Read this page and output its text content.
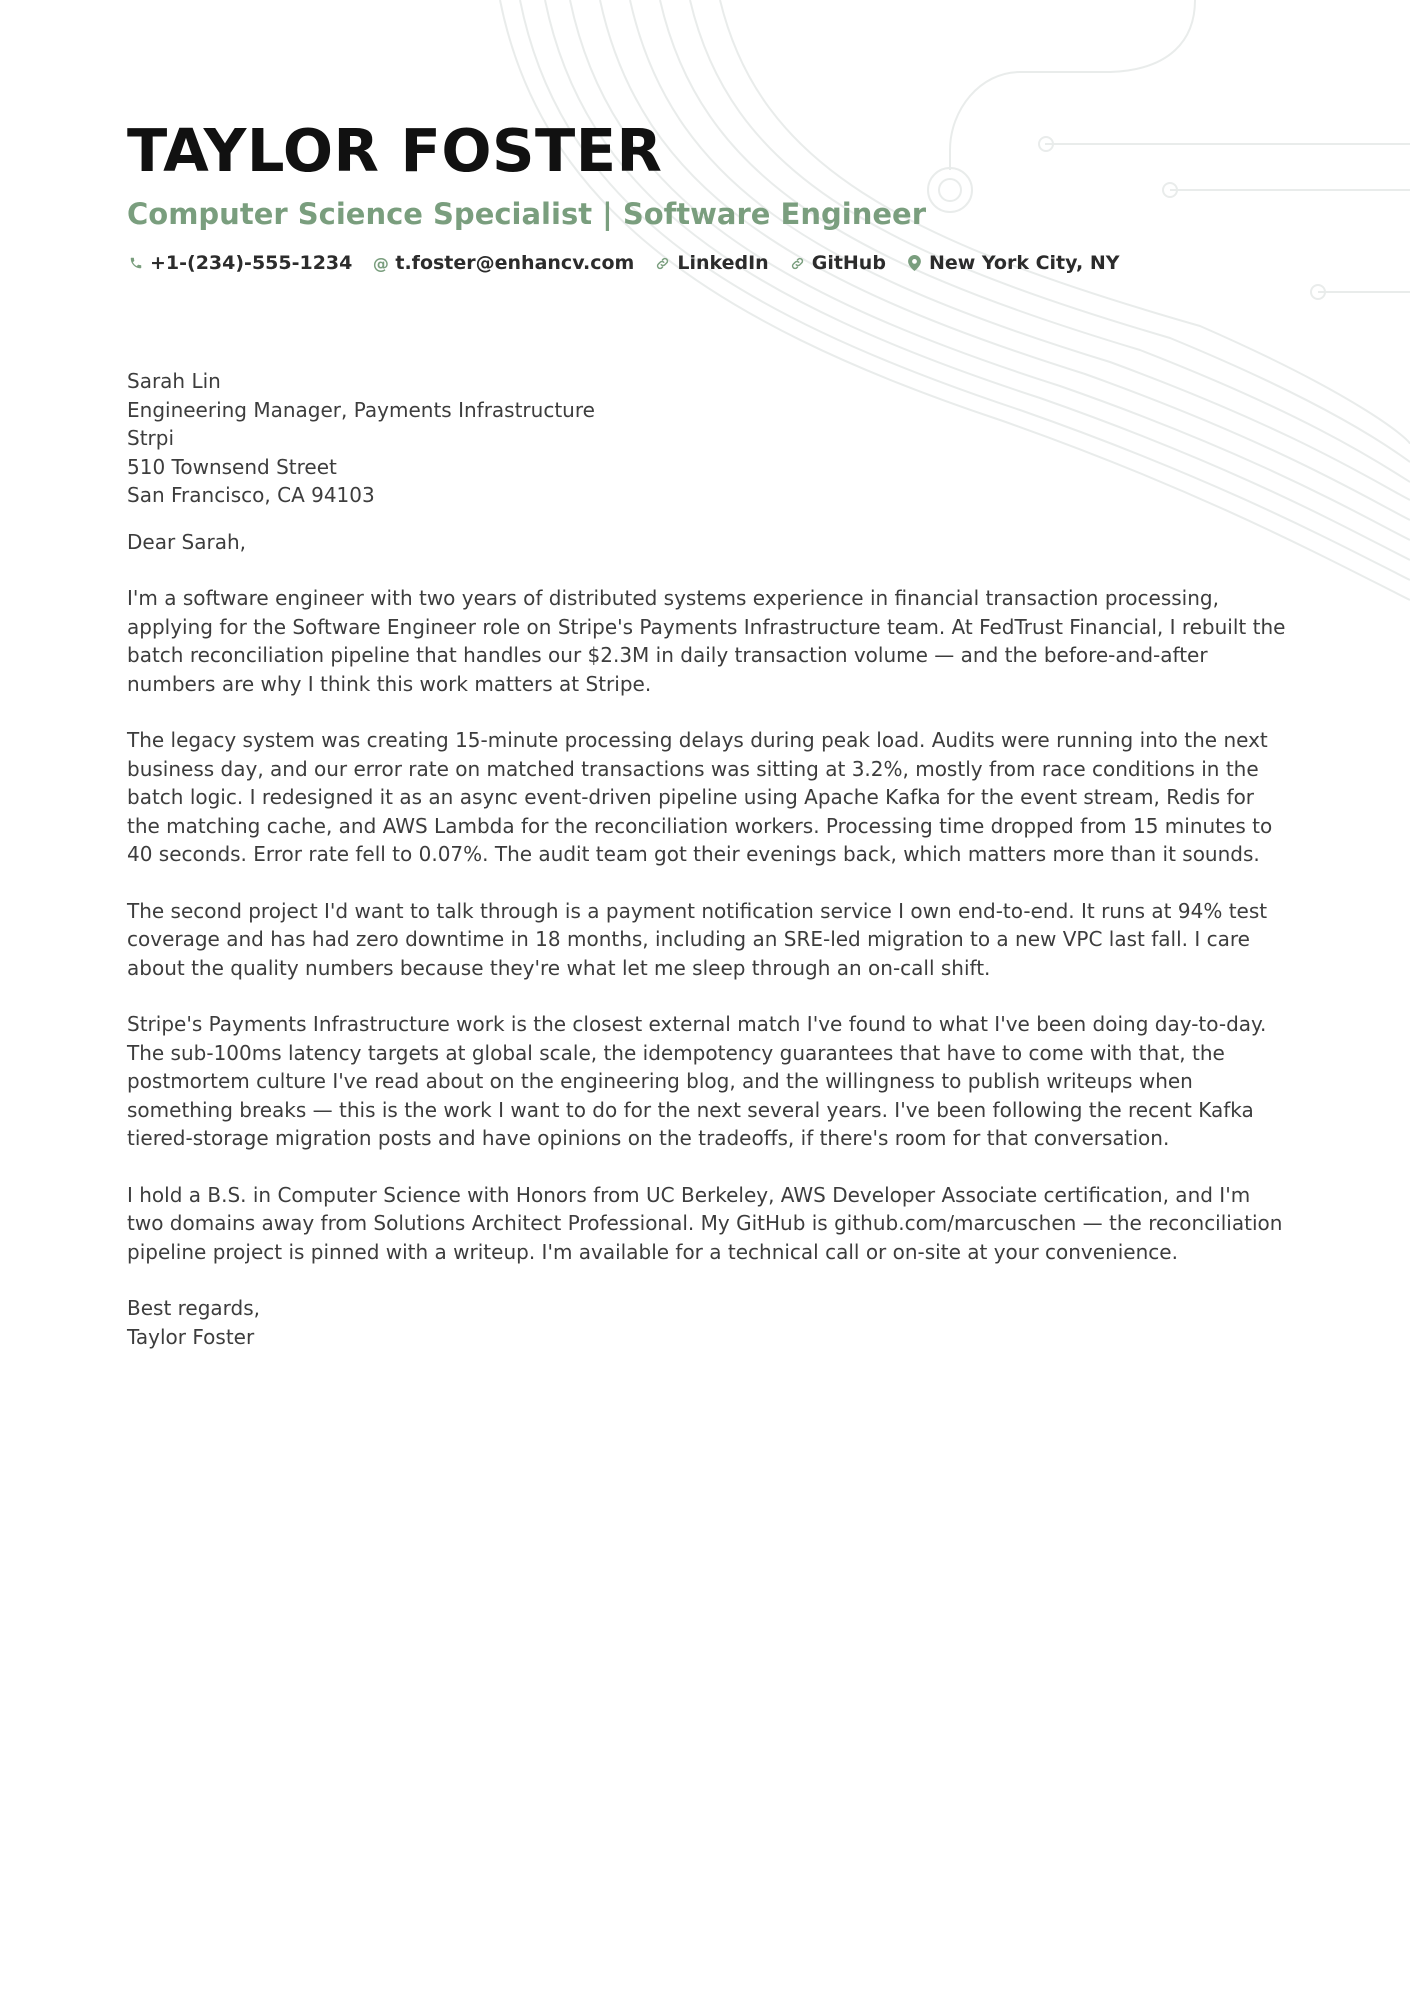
TAYLOR FOSTER
Computer Science Specialist | Software Engineer
+1-(234)-555-1234 @ t.foster@enhancv.com LinkedIn GitHub New York City, NY
Sarah Lin
Engineering Manager, Payments Infrastructure
Strpi
510 Townsend Street
San Francisco, CA 94103
Dear Sarah,

I'm a software engineer with two years of distributed systems experience in financial transaction processing, applying for the Software Engineer role on Stripe's Payments Infrastructure team. At FedTrust Financial, I rebuilt the batch reconciliation pipeline that handles our $2.3M in daily transaction volume — and the before-and-after numbers are why I think this work matters at Stripe.

The legacy system was creating 15-minute processing delays during peak load. Audits were running into the next business day, and our error rate on matched transactions was sitting at 3.2%, mostly from race conditions in the batch logic. I redesigned it as an async event-driven pipeline using Apache Kafka for the event stream, Redis for the matching cache, and AWS Lambda for the reconciliation workers. Processing time dropped from 15 minutes to 40 seconds. Error rate fell to 0.07%. The audit team got their evenings back, which matters more than it sounds.

The second project I'd want to talk through is a payment notification service I own end-to-end. It runs at 94% test coverage and has had zero downtime in 18 months, including an SRE-led migration to a new VPC last fall. I care about the quality numbers because they're what let me sleep through an on-call shift.

Stripe's Payments Infrastructure work is the closest external match I've found to what I've been doing day-to-day. The sub-100ms latency targets at global scale, the idempotency guarantees that have to come with that, the postmortem culture I've read about on the engineering blog, and the willingness to publish writeups when something breaks — this is the work I want to do for the next several years. I've been following the recent Kafka tiered-storage migration posts and have opinions on the tradeoffs, if there's room for that conversation.

I hold a B.S. in Computer Science with Honors from UC Berkeley, AWS Developer Associate certification, and I'm two domains away from Solutions Architect Professional. My GitHub is github.com/marcuschen — the reconciliation pipeline project is pinned with a writeup. I'm available for a technical call or on-site at your convenience.

Best regards,
Taylor Foster
